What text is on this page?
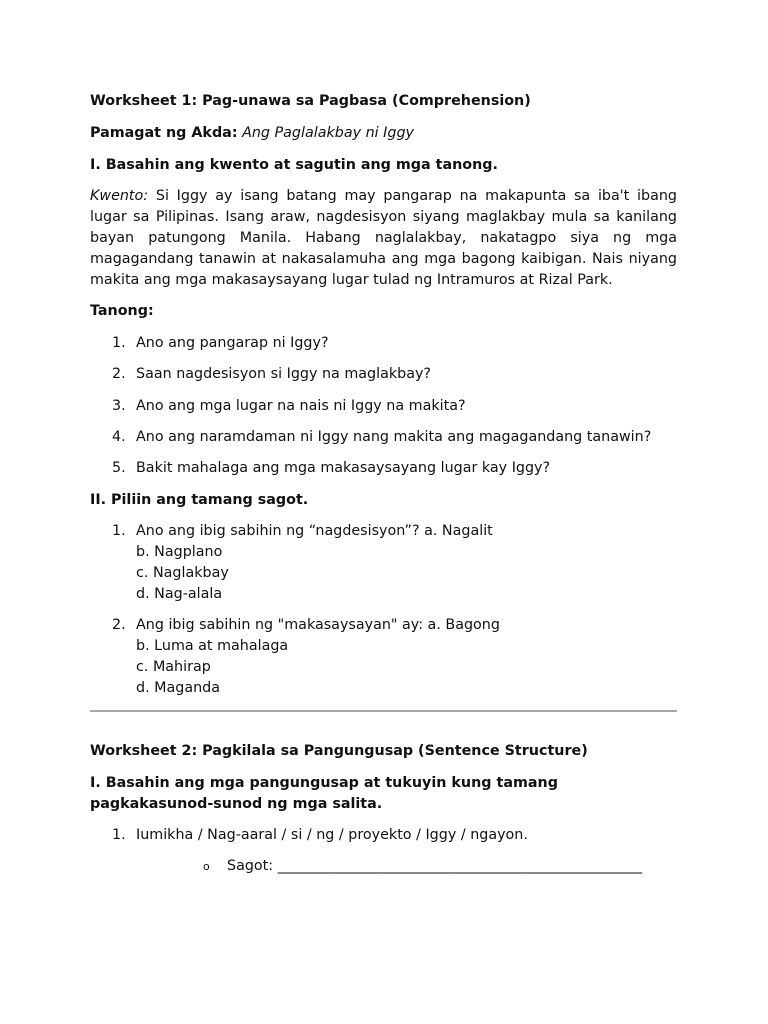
Worksheet 1: Pag-unawa sa Pagbasa (Comprehension)

Pamagat ng Akda: Ang Paglalakbay ni Iggy

I. Basahin ang kwento at sagutin ang mga tanong.

Kwento: Si Iggy ay isang batang may pangarap na makapunta sa iba't ibang lugar sa Pilipinas. Isang araw, nagdesisyon siyang maglakbay mula sa kanilang bayan patungong Manila. Habang naglalakbay, nakatagpo siya ng mga magagandang tanawin at nakasalamuha ang mga bagong kaibigan. Nais niyang makita ang mga makasaysayang lugar tulad ng Intramuros at Rizal Park.

Tanong:

1. Ano ang pangarap ni Iggy?
2. Saan nagdesisyon si Iggy na maglakbay?
3. Ano ang mga lugar na nais ni Iggy na makita?
4. Ano ang naramdaman ni Iggy nang makita ang magagandang tanawin?
5. Bakit mahalaga ang mga makasaysayang lugar kay Iggy?

II. Piliin ang tamang sagot.

1. Ano ang ibig sabihin ng “nagdesisyon”? a. Nagalit
b. Nagplano
c. Naglakbay
d. Nag-alala
2. Ang ibig sabihin ng "makasaysayan" ay: a. Bagong
b. Luma at mahalaga
c. Mahirap
d. Maganda

Worksheet 2: Pagkilala sa Pangungusap (Sentence Structure)

I. Basahin ang mga pangungusap at tukuyin kung tamang pagkakasunod-sunod ng mga salita.

1. Iumikha / Nag-aaral / si / ng / proyekto / Iggy / ngayon.
o Sagot: ___________________________________________________
